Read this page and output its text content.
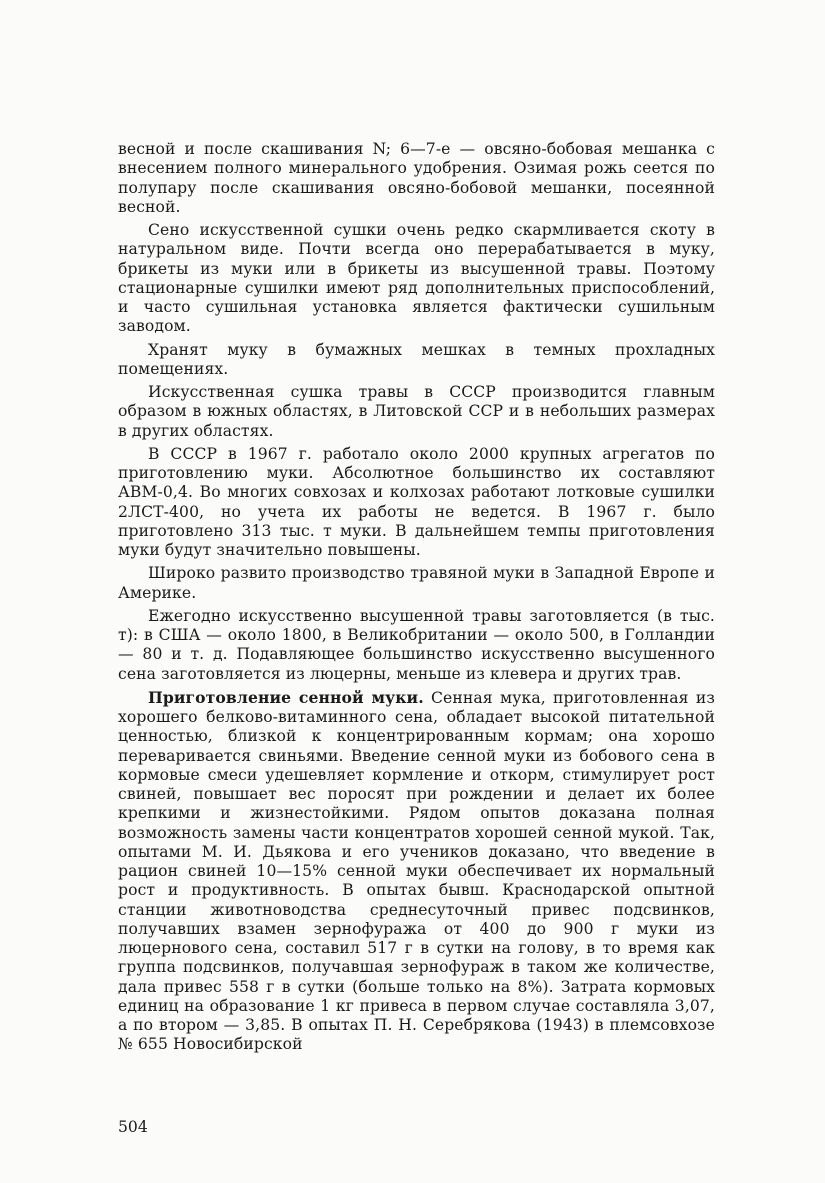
весной и после скашивания N; 6—7-е — овсяно-бобовая мешанка с внесением полного минерального удобрения. Озимая рожь сеется по полупару после скашивания овсяно-бобовой мешанки, посеянной весной.

Сено искусственной сушки очень редко скармливается скоту в натуральном виде. Почти всегда оно перерабатывается в муку, брикеты из муки или в брикеты из высушенной травы. Поэтому стационарные сушилки имеют ряд дополнительных приспособлений, и часто сушильная установка является фактически сушильным заводом.

Хранят муку в бумажных мешках в темных прохладных помещениях.

Искусственная сушка травы в СССР производится главным образом в южных областях, в Литовской ССР и в небольших размерах в других областях.

В СССР в 1967 г. работало около 2000 крупных агрегатов по приготовлению муки. Абсолютное большинство их составляют АВМ-0,4. Во многих совхозах и колхозах работают лотковые сушилки 2ЛСТ-400, но учета их работы не ведется. В 1967 г. было приготовлено 313 тыс. т муки. В дальнейшем темпы приготовления муки будут значительно повышены.

Широко развито производство травяной муки в Западной Европе и Америке.

Ежегодно искусственно высушенной травы заготовляется (в тыс. т): в США — около 1800, в Великобритании — около 500, в Голландии — 80 и т. д. Подавляющее большинство искусственно высушенного сена заготовляется из люцерны, меньше из клевера и других трав.

Приготовление сенной муки. Сенная мука, приготовленная из хорошего белково-витаминного сена, обладает высокой питательной ценностью, близкой к концентрированным кормам; она хорошо переваривается свиньями. Введение сенной муки из бобового сена в кормовые смеси удешевляет кормление и откорм, стимулирует рост свиней, повышает вес поросят при рождении и делает их более крепкими и жизнестойкими. Рядом опытов доказана полная возможность замены части концентратов хорошей сенной мукой. Так, опытами М. И. Дьякова и его учеников доказано, что введение в рацион свиней 10—15% сенной муки обеспечивает их нормальный рост и продуктивность. В опытах бывш. Краснодарской опытной станции животноводства среднесуточный привес подсвинков, получавших взамен зернофуража от 400 до 900 г муки из люцернового сена, составил 517 г в сутки на голову, в то время как группа подсвинков, получавшая зернофураж в таком же количестве, дала привес 558 г в сутки (больше только на 8%). Затрата кормовых единиц на образование 1 кг привеса в первом случае составляла 3,07, а по втором — 3,85. В опытах П. Н. Серебрякова (1943) в племсовхозе № 655 Новосибирской

504
